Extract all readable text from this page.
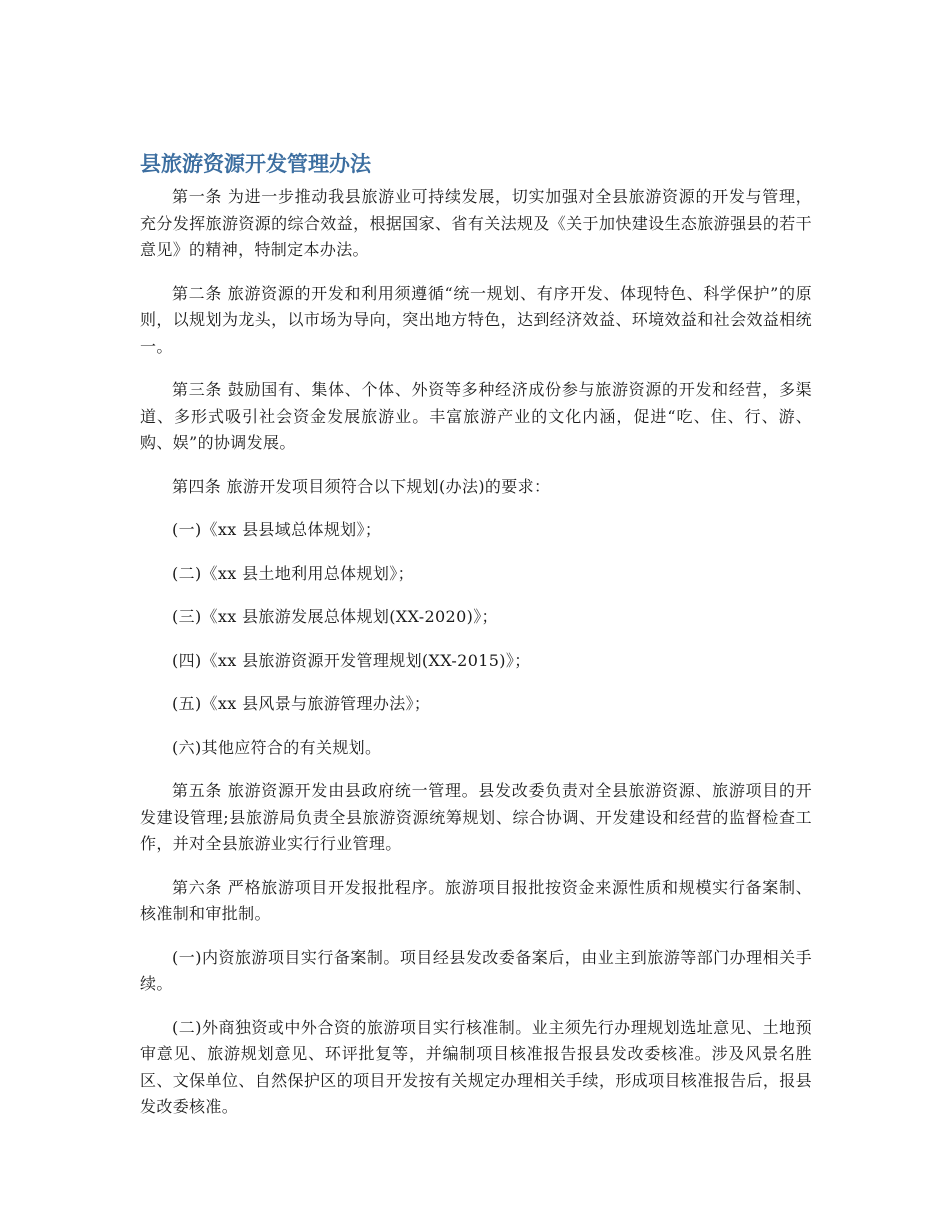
县旅游资源开发管理办法

第一条 为进一步推动我县旅游业可持续发展，切实加强对全县旅游资源的开发与管理，充分发挥旅游资源的综合效益，根据国家、省有关法规及《关于加快建设生态旅游强县的若干意见》的精神，特制定本办法。

第二条 旅游资源的开发和利用须遵循“统一规划、有序开发、体现特色、科学保护”的原则，以规划为龙头，以市场为导向，突出地方特色，达到经济效益、环境效益和社会效益相统一。

第三条 鼓励国有、集体、个体、外资等多种经济成份参与旅游资源的开发和经营，多渠道、多形式吸引社会资金发展旅游业。丰富旅游产业的文化内涵，促进“吃、住、行、游、购、娱”的协调发展。

第四条 旅游开发项目须符合以下规划(办法)的要求：

(一)《xx 县县域总体规划》；

(二)《xx 县土地利用总体规划》；

(三)《xx 县旅游发展总体规划(XX-2020)》；

(四)《xx 县旅游资源开发管理规划(XX-2015)》；

(五)《xx 县风景与旅游管理办法》；

(六)其他应符合的有关规划。

第五条 旅游资源开发由县政府统一管理。县发改委负责对全县旅游资源、旅游项目的开发建设管理;县旅游局负责全县旅游资源统筹规划、综合协调、开发建设和经营的监督检查工作，并对全县旅游业实行行业管理。

第六条 严格旅游项目开发报批程序。旅游项目报批按资金来源性质和规模实行备案制、核准制和审批制。

(一)内资旅游项目实行备案制。项目经县发改委备案后，由业主到旅游等部门办理相关手续。

(二)外商独资或中外合资的旅游项目实行核准制。业主须先行办理规划选址意见、土地预审意见、旅游规划意见、环评批复等，并编制项目核准报告报县发改委核准。涉及风景名胜区、文保单位、自然保护区的项目开发按有关规定办理相关手续，形成项目核准报告后，报县发改委核准。
